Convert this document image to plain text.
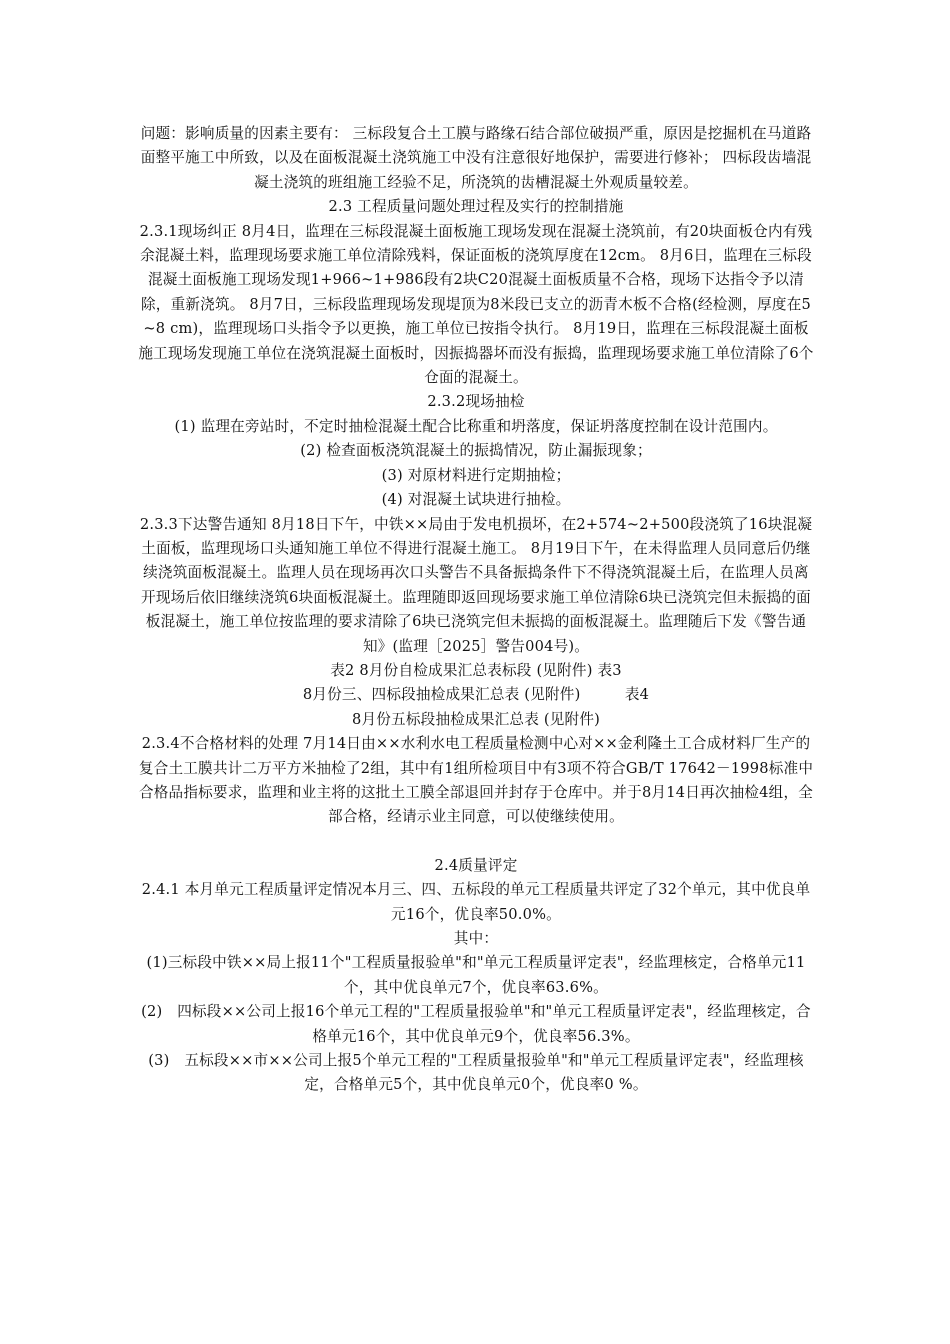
问题：影响质量的因素主要有： 三标段复合土工膜与路缘石结合部位破损严重，原因是挖掘机在马道路面整平施工中所致，以及在面板混凝土浇筑施工中没有注意很好地保护，需要进行修补； 四标段齿墙混凝土浇筑的班组施工经验不足，所浇筑的齿槽混凝土外观质量较差。

2.3 工程质量问题处理过程及实行的控制措施

2.3.1现场纠正 8月4日，监理在三标段混凝土面板施工现场发现在混凝土浇筑前，有20块面板仓内有残余混凝土料，监理现场要求施工单位清除残料，保证面板的浇筑厚度在12cm。 8月6日，监理在三标段混凝土面板施工现场发现1+966~1+986段有2块C20混凝土面板质量不合格，现场下达指令予以清除，重新浇筑。 8月7日，三标段监理现场发现堤顶为8米段已支立的沥青木板不合格(经检测，厚度在5~8 cm)，监理现场口头指令予以更换，施工单位已按指令执行。 8月19日，监理在三标段混凝土面板施工现场发现施工单位在浇筑混凝土面板时，因振捣器坏而没有振捣，监理现场要求施工单位清除了6个仓面的混凝土。

2.3.2现场抽检

(1) 监理在旁站时，不定时抽检混凝土配合比称重和坍落度，保证坍落度控制在设计范围内。

(2) 检查面板浇筑混凝土的振捣情况，防止漏振现象；

(3) 对原材料进行定期抽检；

(4) 对混凝土试块进行抽检。

2.3.3下达警告通知 8月18日下午，中铁××局由于发电机损坏，在2+574~2+500段浇筑了16块混凝土面板，监理现场口头通知施工单位不得进行混凝土施工。 8月19日下午，在未得监理人员同意后仍继续浇筑面板混凝土。监理人员在现场再次口头警告不具备振捣条件下不得浇筑混凝土后，在监理人员离开现场后依旧继续浇筑6块面板混凝土。监理随即返回现场要求施工单位清除6块已浇筑完但未振捣的面板混凝土，施工单位按监理的要求清除了6块已浇筑完但未振捣的面板混凝土。监理随后下发《警告通知》(监理［2025］警告004号)。

表2 8月份自检成果汇总表标段 (见附件) 表3

8月份三、四标段抽检成果汇总表 (见附件)　　　表4

8月份五标段抽检成果汇总表 (见附件)

2.3.4不合格材料的处理 7月14日由××水利水电工程质量检测中心对××金利隆土工合成材料厂生产的复合土工膜共计二万平方米抽检了2组，其中有1组所检项目中有3项不符合GB/T 17642－1998标准中合格品指标要求，监理和业主将的这批土工膜全部退回并封存于仓库中。并于8月14日再次抽检4组，全部合格，经请示业主同意，可以使继续使用。

2.4质量评定

2.4.1 本月单元工程质量评定情况本月三、四、五标段的单元工程质量共评定了32个单元，其中优良单元16个，优良率50.0%。

其中：

(1)三标段中铁××局上报11个"工程质量报验单"和"单元工程质量评定表"，经监理核定，合格单元11个，其中优良单元7个，优良率63.6%。

(2)　四标段××公司上报16个单元工程的"工程质量报验单"和"单元工程质量评定表"，经监理核定，合格单元16个，其中优良单元9个，优良率56.3%。

(3)　五标段××市××公司上报5个单元工程的"工程质量报验单"和"单元工程质量评定表"，经监理核定，合格单元5个，其中优良单元0个，优良率0 %。
